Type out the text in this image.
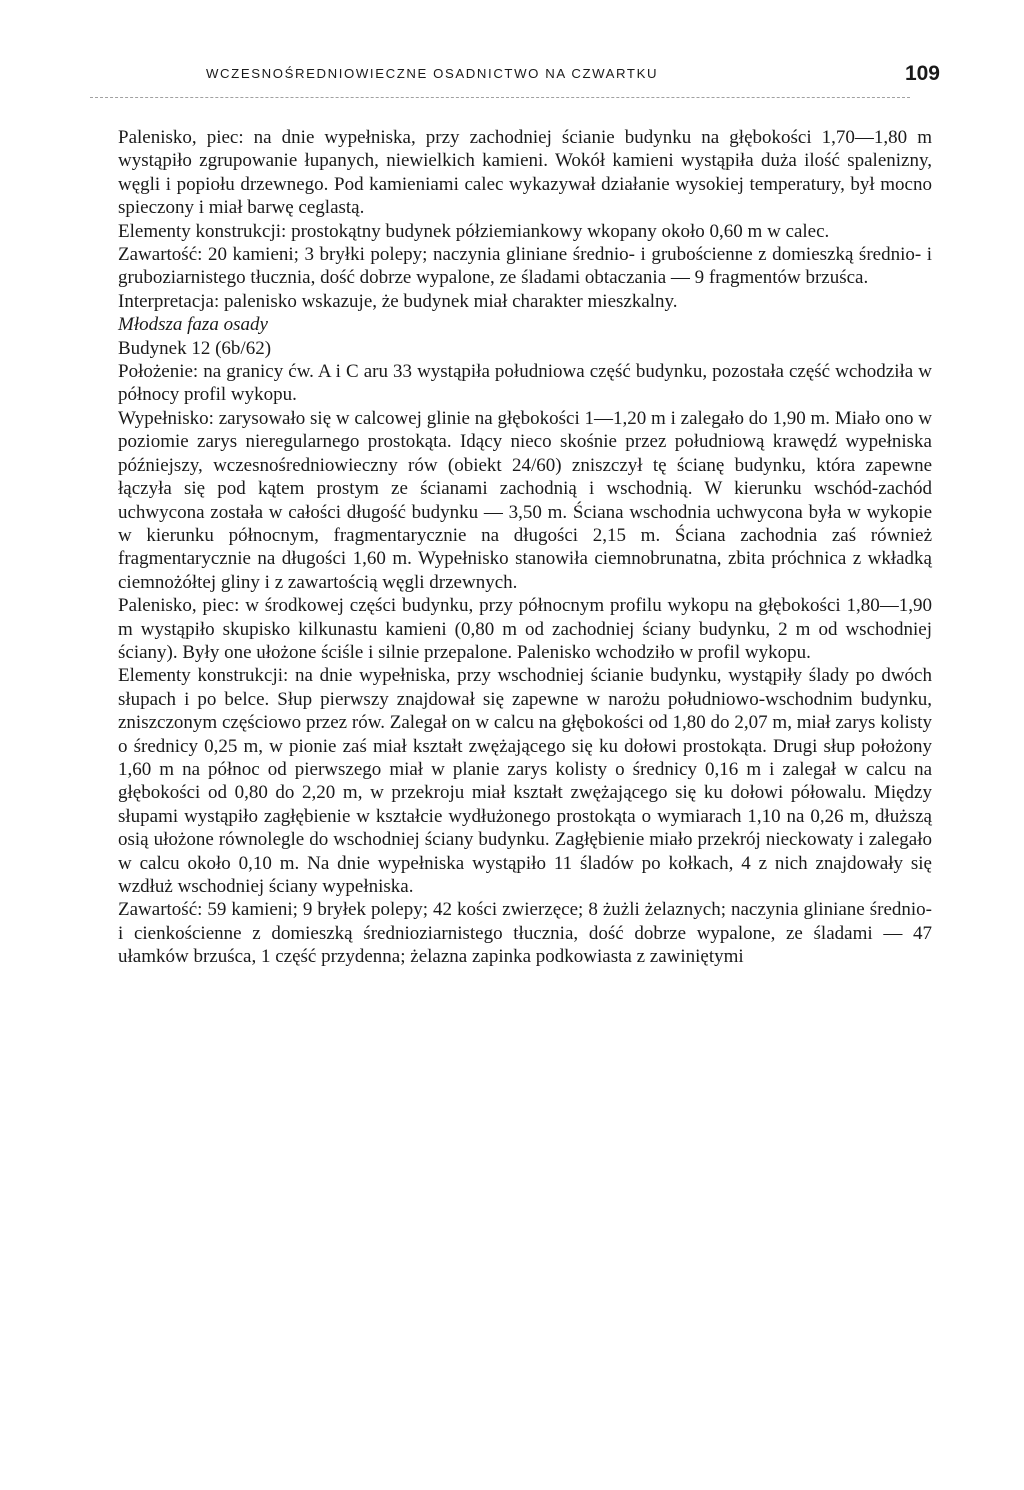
WCZESNOŚREDNIOWIECZNE OSADNICTWO NA CZWARTKU	109

Palenisko, piec: na dnie wypełniska, przy zachodniej ścianie budynku na głębokości 1,70—1,80 m wystąpiło zgrupowanie łupanych, niewielkich kamieni. Wokół kamieni wystąpiła duża ilość spalenizny, węgli i popiołu drzewnego. Pod kamieniami calec wykazywał działanie wysokiej temperatury, był mocno spieczony i miał barwę ceglastą.

Elementy konstrukcji: prostokątny budynek półziemiankowy wkopany około 0,60 m w calec.

Zawartość: 20 kamieni; 3 bryłki polepy; naczynia gliniane średnio- i grubościenne z domieszką średnio- i gruboziarnistego tłucznia, dość dobrze wypalone, ze śladami obtaczania — 9 fragmentów brzuśca.

Interpretacja: palenisko wskazuje, że budynek miał charakter mieszkalny.

Młodsza faza osady

Budynek 12 (6b/62)

Położenie: na granicy ćw. A i C aru 33 wystąpiła południowa część budynku, pozostała część wchodziła w północy profil wykopu.

Wypełnisko: zarysowało się w calcowej glinie na głębokości 1—1,20 m i zalegało do 1,90 m. Miało ono w poziomie zarys nieregularnego prostokąta. Idący nieco skośnie przez południową krawędź wypełniska późniejszy, wczesnośredniowieczny rów (obiekt 24/60) zniszczył tę ścianę budynku, która zapewne łączyła się pod kątem prostym ze ścianami zachodnią i wschodnią. W kierunku wschód-zachód uchwycona została w całości długość budynku — 3,50 m. Ściana wschodnia uchwycona była w wykopie w kierunku północnym, fragmentarycznie na długości 2,15 m. Ściana zachodnia zaś również fragmentarycznie na długości 1,60 m. Wypełnisko stanowiła ciemnobrunatna, zbita próchnica z wkładką ciemnożółtej gliny i z zawartością węgli drzewnych.

Palenisko, piec: w środkowej części budynku, przy północnym profilu wykopu na głębokości 1,80—1,90 m wystąpiło skupisko kilkunastu kamieni (0,80 m od zachodniej ściany budynku, 2 m od wschodniej ściany). Były one ułożone ściśle i silnie przepalone. Palenisko wchodziło w profil wykopu.

Elementy konstrukcji: na dnie wypełniska, przy wschodniej ścianie budynku, wystąpiły ślady po dwóch słupach i po belce. Słup pierwszy znajdował się zapewne w narożu południowo-wschodnim budynku, zniszczonym częściowo przez rów. Zalegał on w calcu na głębokości od 1,80 do 2,07 m, miał zarys kolisty o średnicy 0,25 m, w pionie zaś miał kształt zwężającego się ku dołowi prostokąta. Drugi słup położony 1,60 m na północ od pierwszego miał w planie zarys kolisty o średnicy 0,16 m i zalegał w calcu na głębokości od 0,80 do 2,20 m, w przekroju miał kształt zwężającego się ku dołowi półowalu. Między słupami wystąpiło zagłębienie w kształcie wydłużonego prostokąta o wymiarach 1,10 na 0,26 m, dłuższą osią ułożone równolegle do wschodniej ściany budynku. Zagłębienie miało przekrój nieckowaty i zalegało w calcu około 0,10 m. Na dnie wypełniska wystąpiło 11 śladów po kołkach, 4 z nich znajdowały się wzdłuż wschodniej ściany wypełniska.

Zawartość: 59 kamieni; 9 bryłek polepy; 42 kości zwierzęce; 8 żużli żelaznych; naczynia gliniane średnio- i cienkościenne z domieszką średnioziarnistego tłucznia, dość dobrze wypalone, ze śladami — 47 ułamków brzuśca, 1 część przydenna; żelazna zapinka podkowiasta z zawiniętymi
